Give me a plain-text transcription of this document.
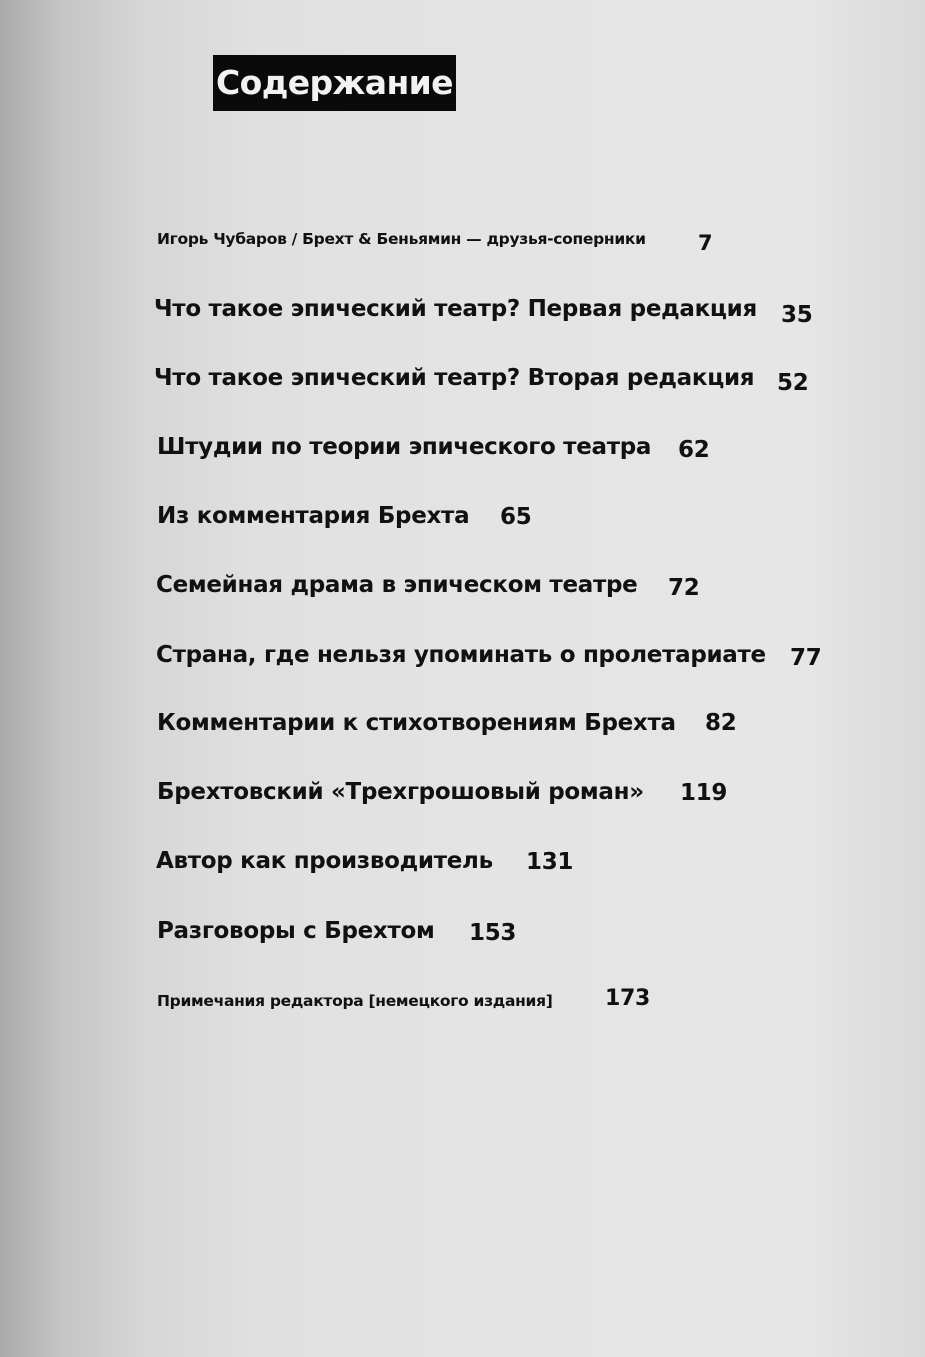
Содержание
Игорь Чубаров / Брехт & Беньямин — друзья-соперники 7
Что такое эпический театр? Первая редакция 35
Что такое эпический театр? Вторая редакция 52
Штудии по теории эпического театра 62
Из комментария Брехта 65
Семейная драма в эпическом театре 72
Страна, где нельзя упоминать о пролетариате 77
Комментарии к стихотворениям Брехта 82
Брехтовский «Трехгрошовый роман» 119
Автор как производитель 131
Разговоры с Брехтом 153
Примечания редактора [немецкого издания] 173
